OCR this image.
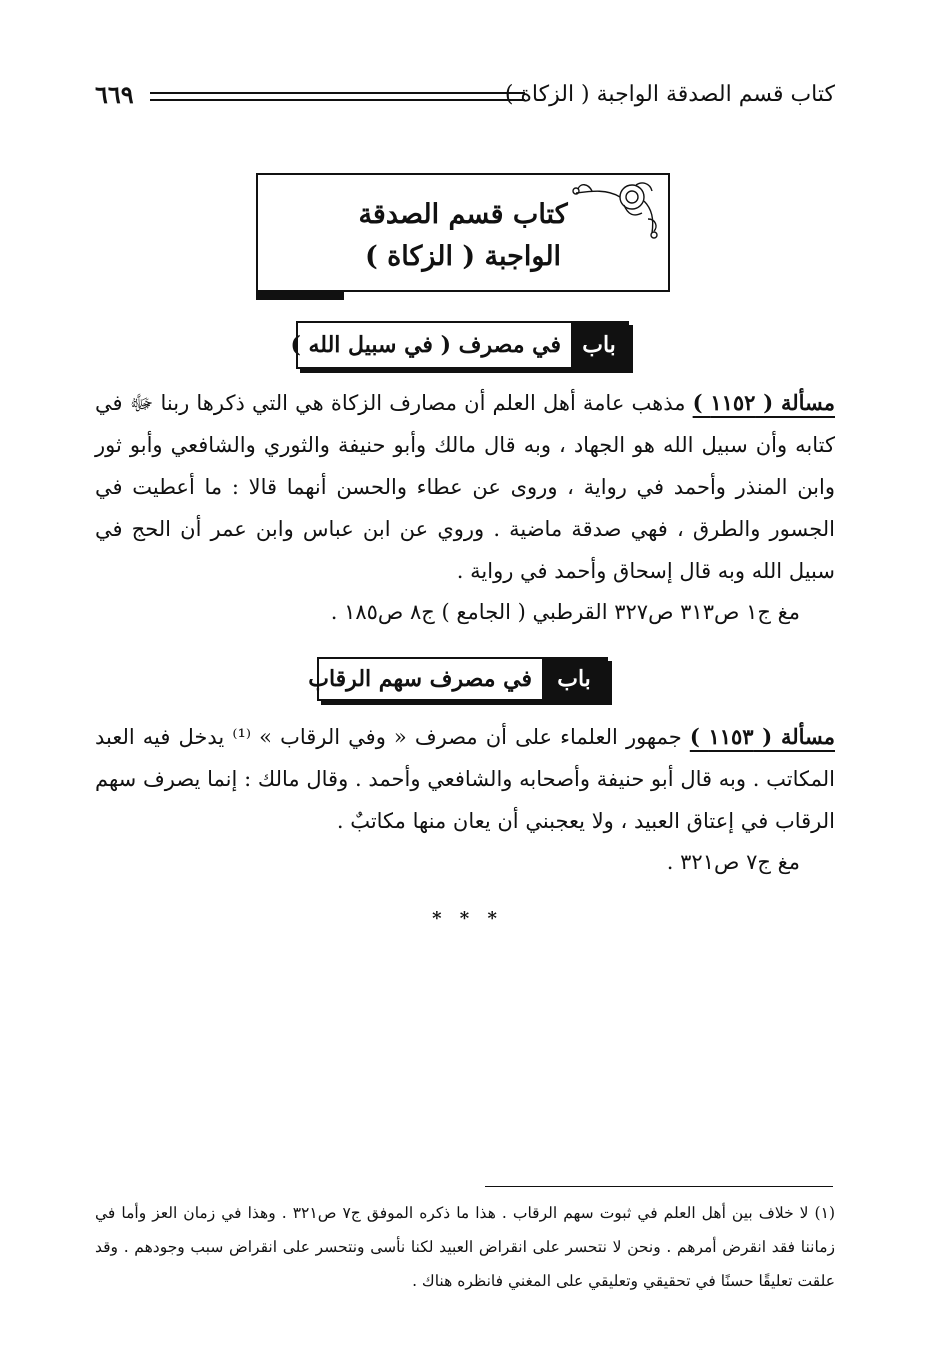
كتاب قسم الصدقة الواجبة ( الزكاة )
٦٦٩
كتاب قسم الصدقة
الواجبة ( الزكاة )
باب
في مصرف ( في سبيل الله )
مسألة ( ١١٥٢ ) مذهب عامة أهل العلم أن مصارف الزكاة هي التي ذكرها ربنا ﷻ في كتابه وأن سبيل الله هو الجهاد ، وبه قال مالك وأبو حنيفة والثوري والشافعي وأبو ثور وابن المنذر وأحمد في رواية ، وروى عن عطاء والحسن أنهما قالا : ما أعطيت في الجسور والطرق ، فهي صدقة ماضية . وروي عن ابن عباس وابن عمر أن الحج في سبيل الله وبه قال إسحاق وأحمد في رواية .
مغ ج١ ص٣١٣ ص٣٢٧ القرطبي ( الجامع ) ج٨ ص١٨٥ .
باب
في مصرف سهم الرقاب
مسألة ( ١١٥٣ ) جمهور العلماء على أن مصرف « وفي الرقاب » ⁽¹⁾ يدخل فيه العبد المكاتب . وبه قال أبو حنيفة وأصحابه والشافعي وأحمد . وقال مالك : إنما يصرف سهم الرقاب في إعتاق العبيد ، ولا يعجبني أن يعان منها مكاتبٌ .
مغ ج٧ ص٣٢١ .
* * *
(١) لا خلاف بين أهل العلم في ثبوت سهم الرقاب . هذا ما ذكره الموفق ج٧ ص٣٢١ . وهذا في زمان العز وأما في زماننا فقد انقرض أمرهم . ونحن لا نتحسر على انقراض العبيد لكنا نأسى ونتحسر على انقراض سبب وجودهم . وقد علقت تعليقًا حسنًا في تحقيقي وتعليقي على المغني فانظره هناك .
